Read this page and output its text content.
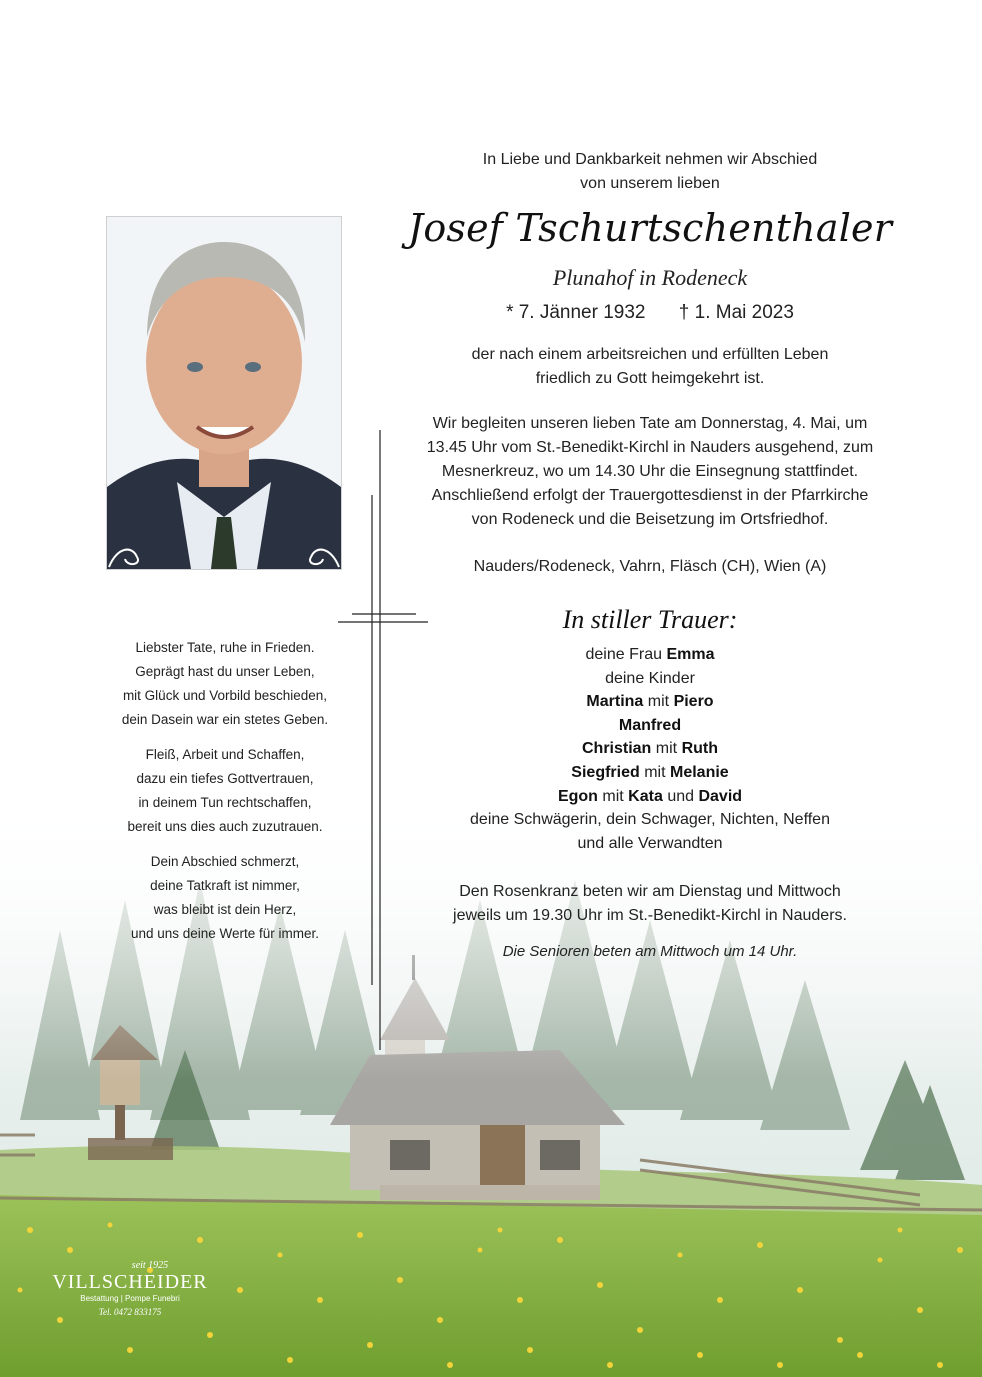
In Liebe und Dankbarkeit nehmen wir Abschied
von unserem lieben
Josef Tschurtschenthaler
Plunahof in Rodeneck
* 7. Jänner 1932 † 1. Mai 2023
der nach einem arbeitsreichen und erfüllten Leben
friedlich zu Gott heimgekehrt ist.
Wir begleiten unseren lieben Tate am Donnerstag, 4. Mai, um
13.45 Uhr vom St.-Benedikt-Kirchl in Nauders ausgehend, zum
Mesnerkreuz, wo um 14.30 Uhr die Einsegnung stattfindet.
Anschließend erfolgt der Trauergottesdienst in der Pfarrkirche
von Rodeneck und die Beisetzung im Ortsfriedhof.
Nauders/Rodeneck, Vahrn, Fläsch (CH), Wien (A)
In stiller Trauer:
deine Frau Emma
deine Kinder
Martina mit Piero
Manfred
Christian mit Ruth
Siegfried mit Melanie
Egon mit Kata und David
deine Schwägerin, dein Schwager, Nichten, Neffen
und alle Verwandten
Den Rosenkranz beten wir am Dienstag und Mittwoch
jeweils um 19.30 Uhr im St.-Benedikt-Kirchl in Nauders.
Die Senioren beten am Mittwoch um 14 Uhr.

Liebster Tate, ruhe in Frieden.

Geprägt hast du unser Leben,

mit Glück und Vorbild beschieden,

dein Dasein war ein stetes Geben.

Fleiß, Arbeit und Schaffen,

dazu ein tiefes Gottvertrauen,

in deinem Tun rechtschaffen,

bereit uns dies auch zuzutrauen.

Dein Abschied schmerzt,

deine Tatkraft ist nimmer,

was bleibt ist dein Herz,

und uns deine Werte für immer.

seit 1925
VILLSCHEIDER
Bestattung | Pompe Funebri
Tel. 0472 833175
